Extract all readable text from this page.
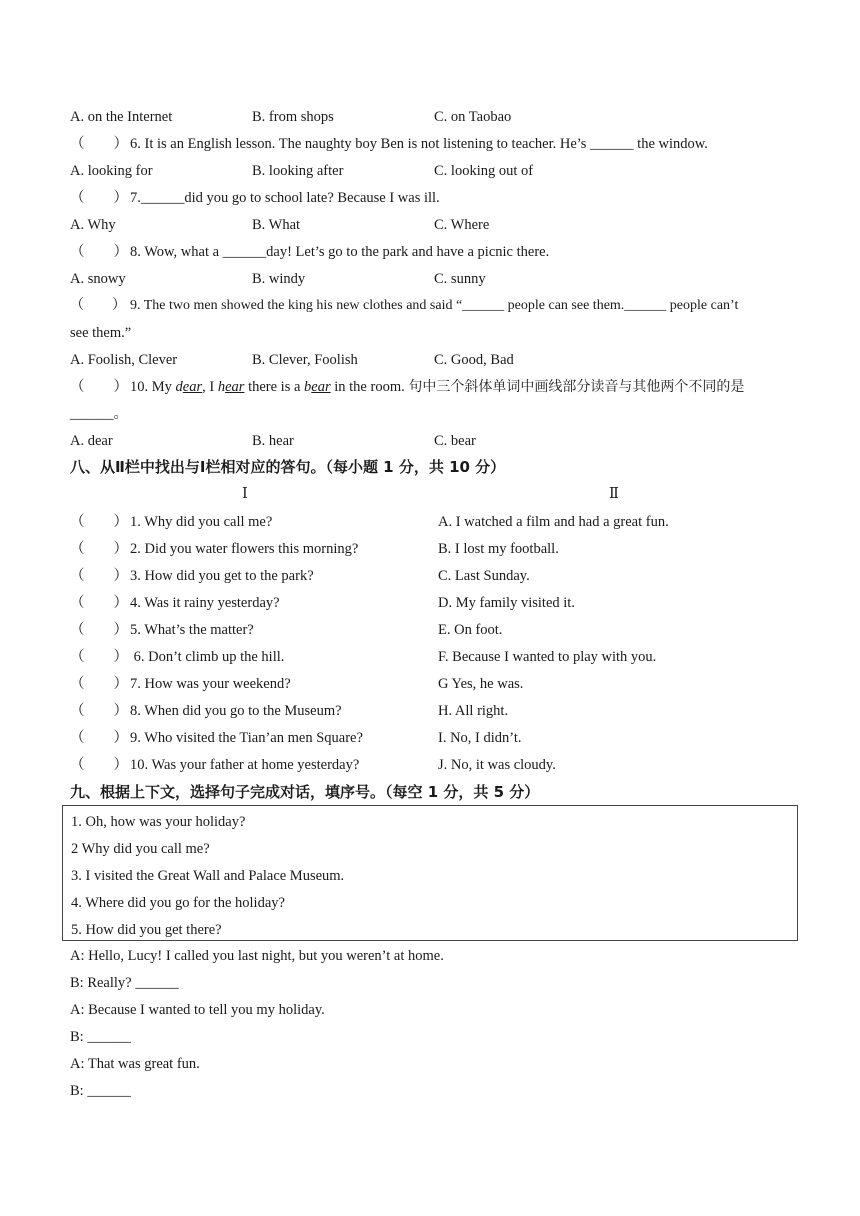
A. on the Internet	B. from shops	C. on Taobao
（　　） 6. It is an English lesson. The naughty boy Ben is not listening to teacher. He’s ______ the window.
A. looking for	B. looking after	C. looking out of
（　　） 7.______did you go to school late? Because I was ill.
A. Why	B. What	C. Where
（　　） 8. Wow, what a ______day! Let’s go to the park and have a picnic there.
A. snowy	B. windy	C. sunny
（　　） 9. The two men showed the king his new clothes and said “______ people can see them.______ people can’t
see them.”
A. Foolish, Clever	B. Clever, Foolish	C. Good, Bad
（　　） 10. My dear, I hear there is a bear in the room. 句中三个斜体单词中画线部分读音与其他两个不同的是
______。
A. dear	B. hear	C. bear
八、从Ⅱ栏中找出与Ⅰ栏相对应的答句。（每小题 1 分，共 10 分）
Ⅰ	Ⅱ
（　　） 1. Why did you call me?	A. I watched a film and had a great fun.
（　　） 2. Did you water flowers this morning?	B. I lost my football.
（　　） 3. How did you get to the park?	C. Last Sunday.
（　　） 4. Was it rainy yesterday?	D. My family visited it.
（　　） 5. What’s the matter?	E. On foot.
（　　） 6. Don’t climb up the hill.	F. Because I wanted to play with you.
（　　） 7. How was your weekend?	G Yes, he was.
（　　） 8. When did you go to the Museum?	H. All right.
（　　） 9. Who visited the Tian’an men Square?	I. No, I didn’t.
（　　） 10. Was your father at home yesterday?	J. No, it was cloudy.
九、根据上下文，选择句子完成对话，填序号。（每空 1 分，共 5 分）
1. Oh, how was your holiday?
2 Why did you call me?
3. I visited the Great Wall and Palace Museum.
4. Where did you go for the holiday?
5. How did you get there?
A: Hello, Lucy! I called you last night, but you weren’t at home.
B: Really? ______
A: Because I wanted to tell you my holiday.
B: ______
A: That was great fun.
B: ______
